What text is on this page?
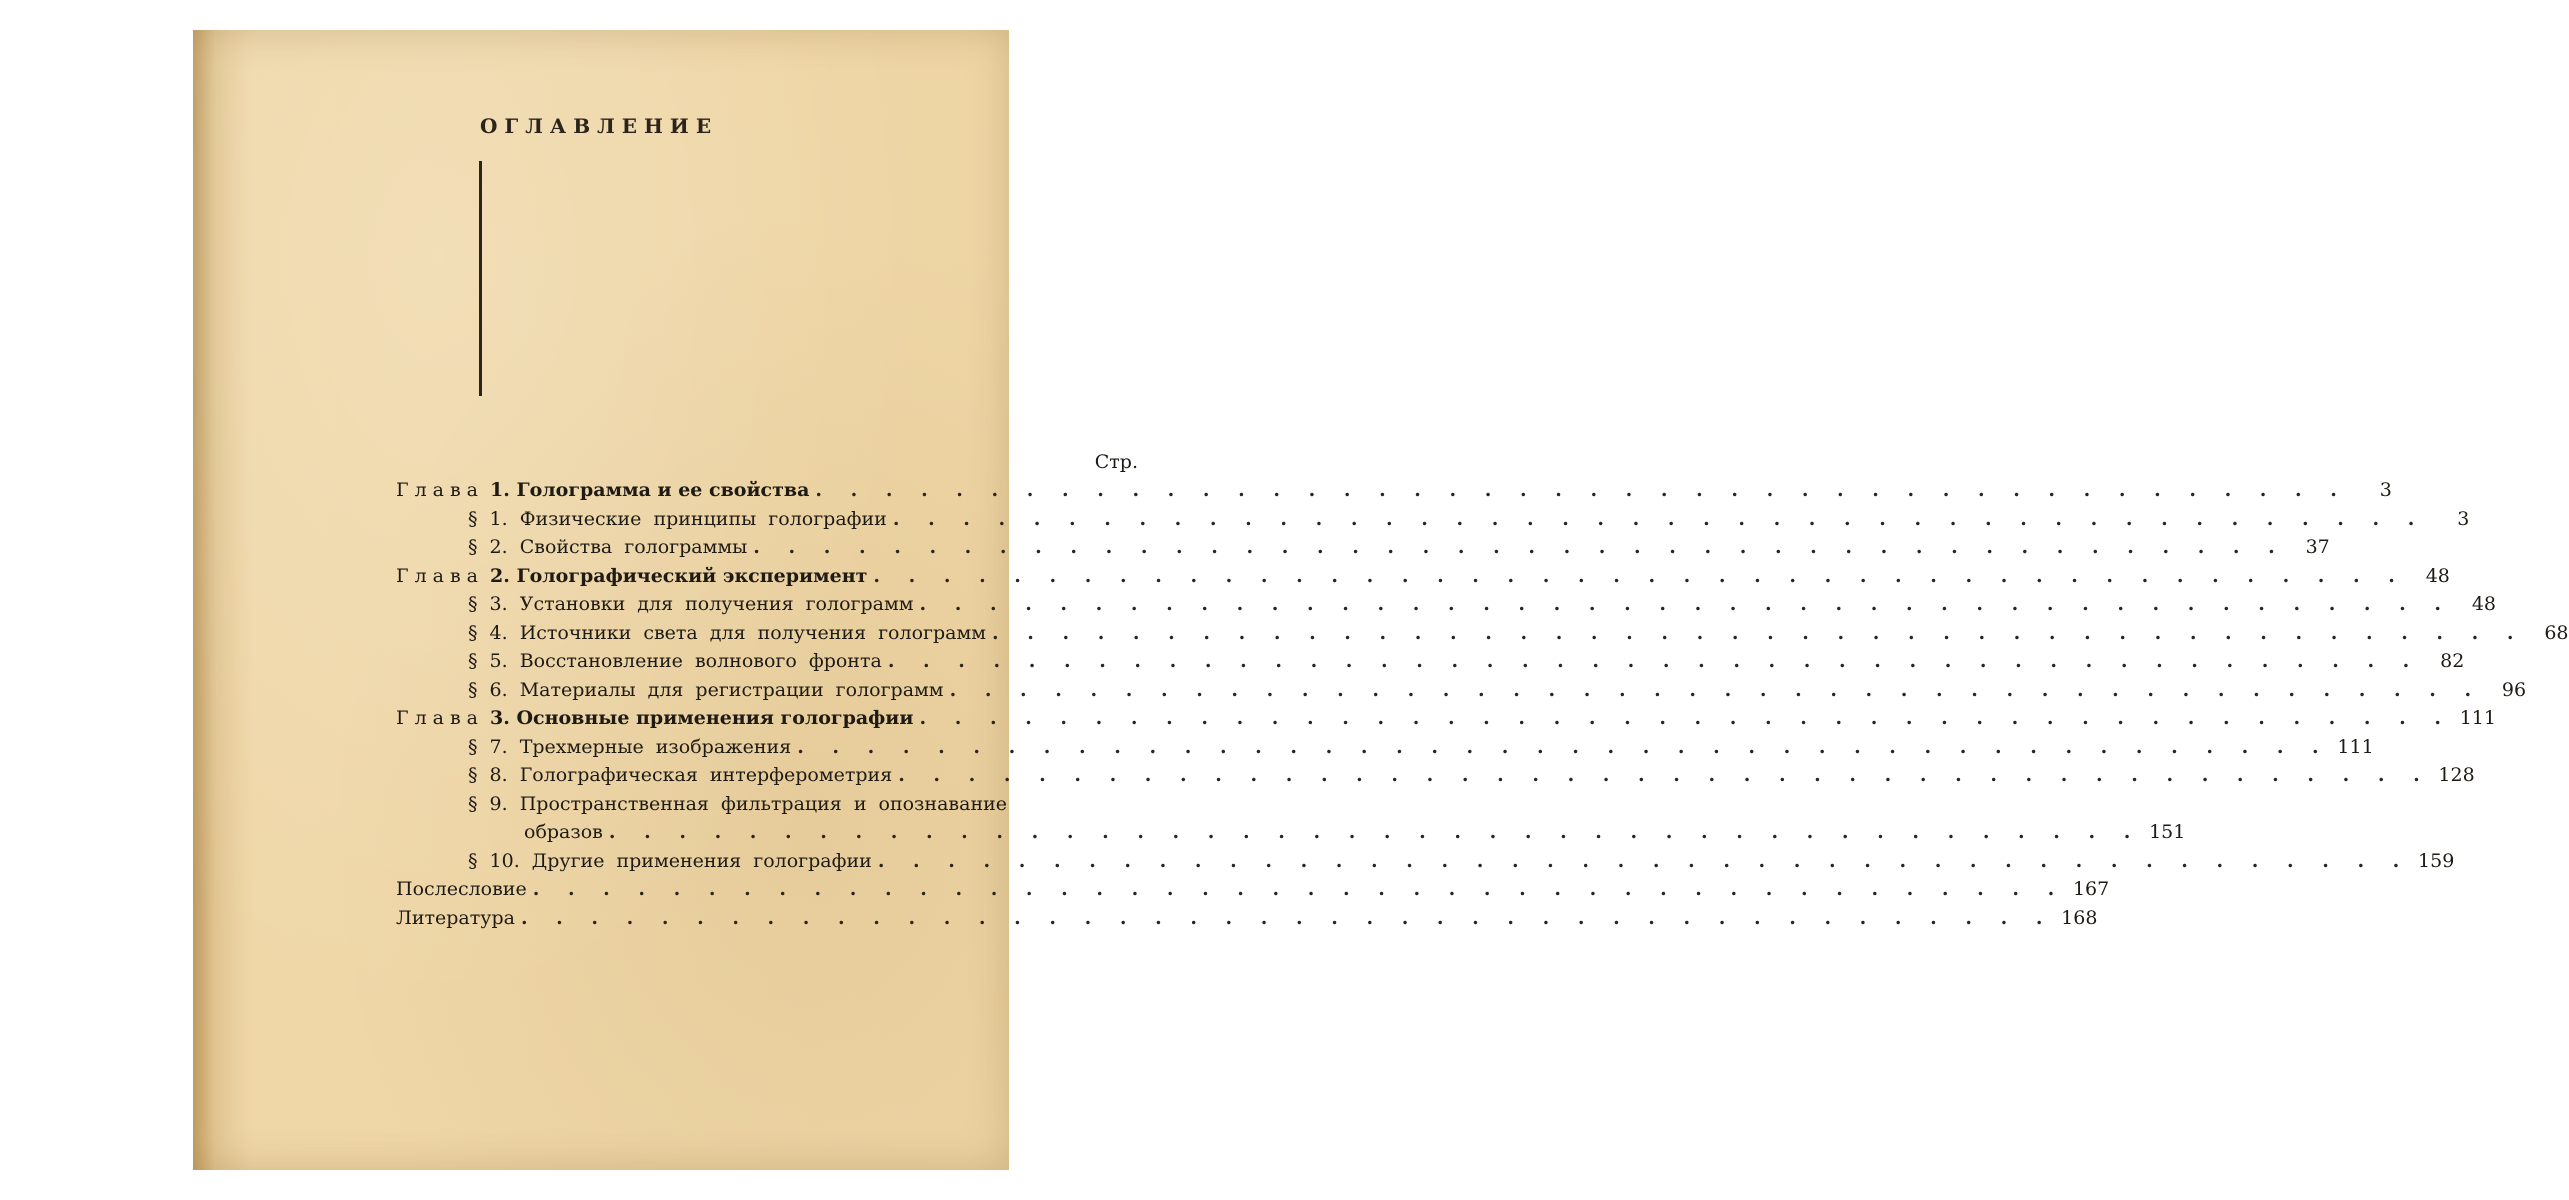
ОГЛАВЛЕНИЕ
Стр.
Глава 1. Голограмма и ее свойства . . . . . . . . . . . . . . . . . . . . . . . . . . . . . . . . . . . . . . . . . . . .	3
§ 1. Физические принципы голографии . . . . . . . . . . . . . . . . . . . . . . . . . . . . . . . . . . . . . . . . . . . .	3
§ 2. Свойства голограммы . . . . . . . . . . . . . . . . . . . . . . . . . . . . . . . . . . . . . . . . . . . .	37
Глава 2. Голографический эксперимент . . . . . . . . . . . . . . . . . . . . . . . . . . . . . . . . . . . . . . . . . . . .	48
§ 3. Установки для получения голограмм . . . . . . . . . . . . . . . . . . . . . . . . . . . . . . . . . . . . . . . . . . . .	48
§ 4. Источники света для получения голограмм . . . . . . . . . . . . . . . . . . . . . . . . . . . . . . . . . . . . . . . . . . . .	68
§ 5. Восстановление волнового фронта . . . . . . . . . . . . . . . . . . . . . . . . . . . . . . . . . . . . . . . . . . . .	82
§ 6. Материалы для регистрации голограмм . . . . . . . . . . . . . . . . . . . . . . . . . . . . . . . . . . . . . . . . . . . .	96
Глава 3. Основные применения голографии . . . . . . . . . . . . . . . . . . . . . . . . . . . . . . . . . . . . . . . . . . . . 111
§ 7. Трехмерные изображения . . . . . . . . . . . . . . . . . . . . . . . . . . . . . . . . . . . . . . . . . . . . 111
§ 8. Голографическая интерферометрия . . . . . . . . . . . . . . . . . . . . . . . . . . . . . . . . . . . . . . . . . . . . 128
§ 9. Пространственная фильтрация и опознавание
образов . . . . . . . . . . . . . . . . . . . . . . . . . . . . . . . . . . . . . . . . . . . . 151
§ 10. Другие применения голографии . . . . . . . . . . . . . . . . . . . . . . . . . . . . . . . . . . . . . . . . . . . . 159
Послесловие . . . . . . . . . . . . . . . . . . . . . . . . . . . . . . . . . . . . . . . . . . . . 167
Литература . . . . . . . . . . . . . . . . . . . . . . . . . . . . . . . . . . . . . . . . . . . . 168
